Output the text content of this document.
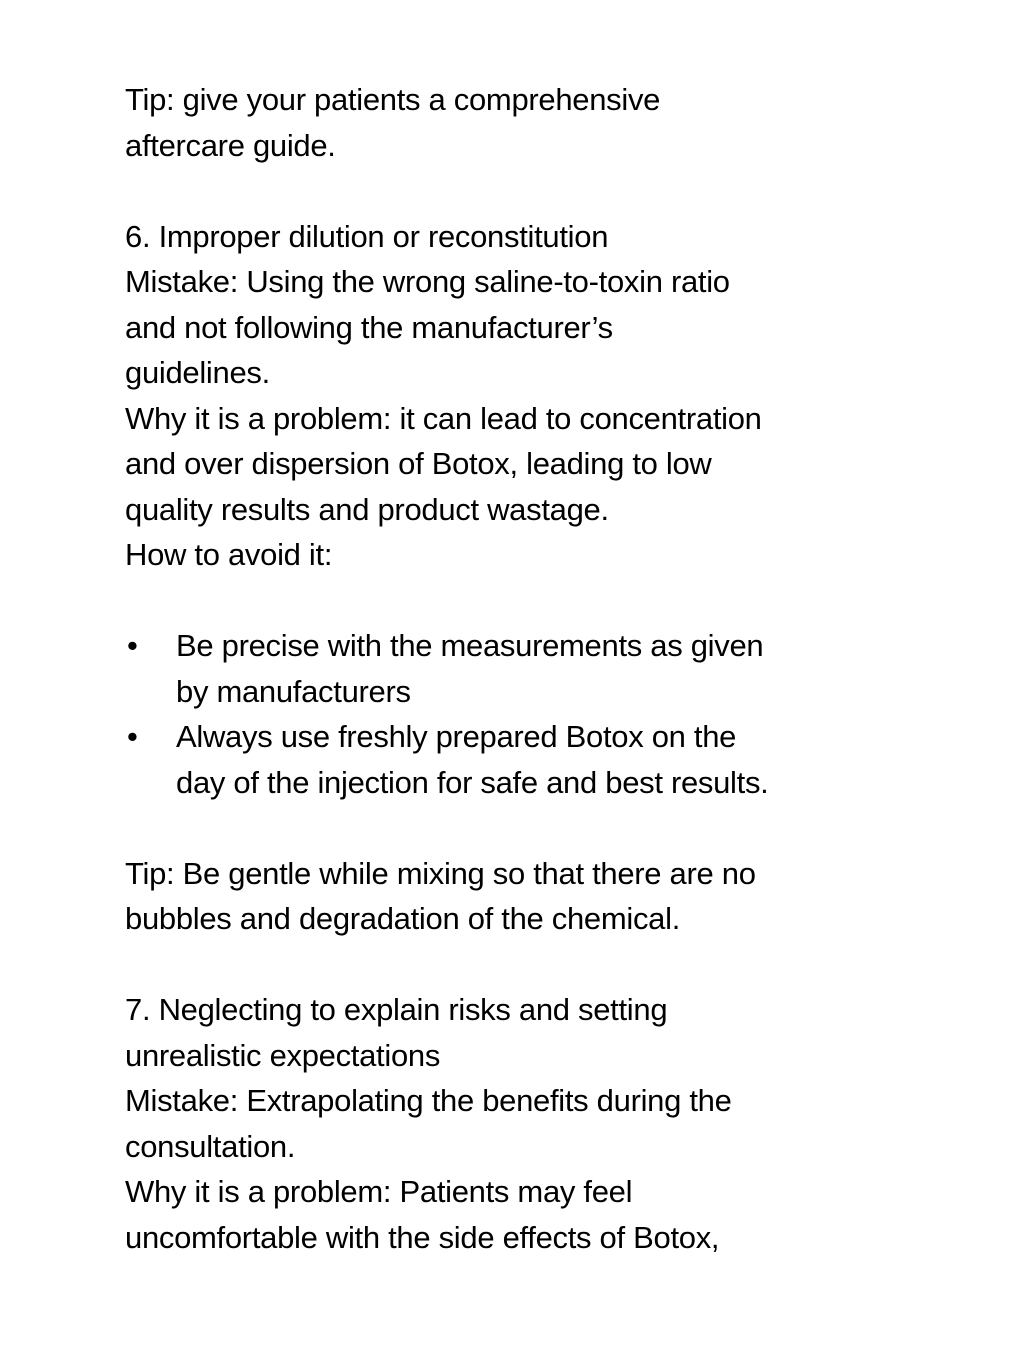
Tip: give your patients a comprehensive
aftercare guide.

6. Improper dilution or reconstitution

Mistake: Using the wrong saline-to-toxin ratio
and not following the manufacturer’s
guidelines.

Why it is a problem: it can lead to concentration
and over dispersion of Botox, leading to low
quality results and product wastage.

How to avoid it:

•	Be precise with the measurements as given
by manufacturers
•	Always use freshly prepared Botox on the
day of the injection for safe and best results.

Tip: Be gentle while mixing so that there are no
bubbles and degradation of the chemical.

7. Neglecting to explain risks and setting
unrealistic expectations

Mistake: Extrapolating the benefits during the
consultation.

Why it is a problem: Patients may feel
uncomfortable with the side effects of Botox,
